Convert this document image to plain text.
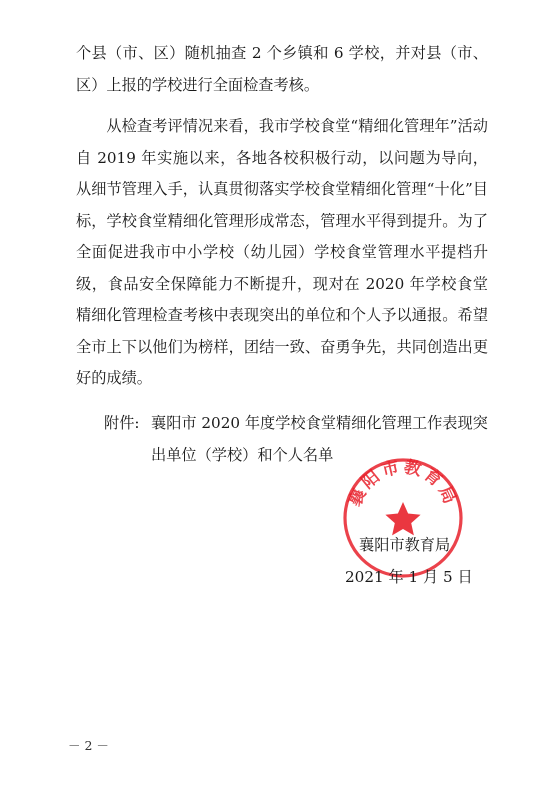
个县（市、区）随机抽查 2 个乡镇和 6 学校，并对县（市、区）上报的学校进行全面检查考核。
从检查考评情况来看，我市学校食堂“精细化管理年”活动自 2019 年实施以来，各地各校积极行动，以问题为导向，从细节管理入手，认真贯彻落实学校食堂精细化管理“十化”目标，学校食堂精细化管理形成常态，管理水平得到提升。为了全面促进我市中小学校（幼儿园）学校食堂管理水平提档升级，食品安全保障能力不断提升，现对在 2020 年学校食堂精细化管理检查考核中表现突出的单位和个人予以通报。希望全市上下以他们为榜样，团结一致、奋勇争先，共同创造出更好的成绩。
附件: 襄阳市 2020 年度学校食堂精细化管理工作表现突出单位（学校）和个人名单
襄阳市教育局
襄阳市教育局
2021 年 1 月 5 日
－ 2 －
